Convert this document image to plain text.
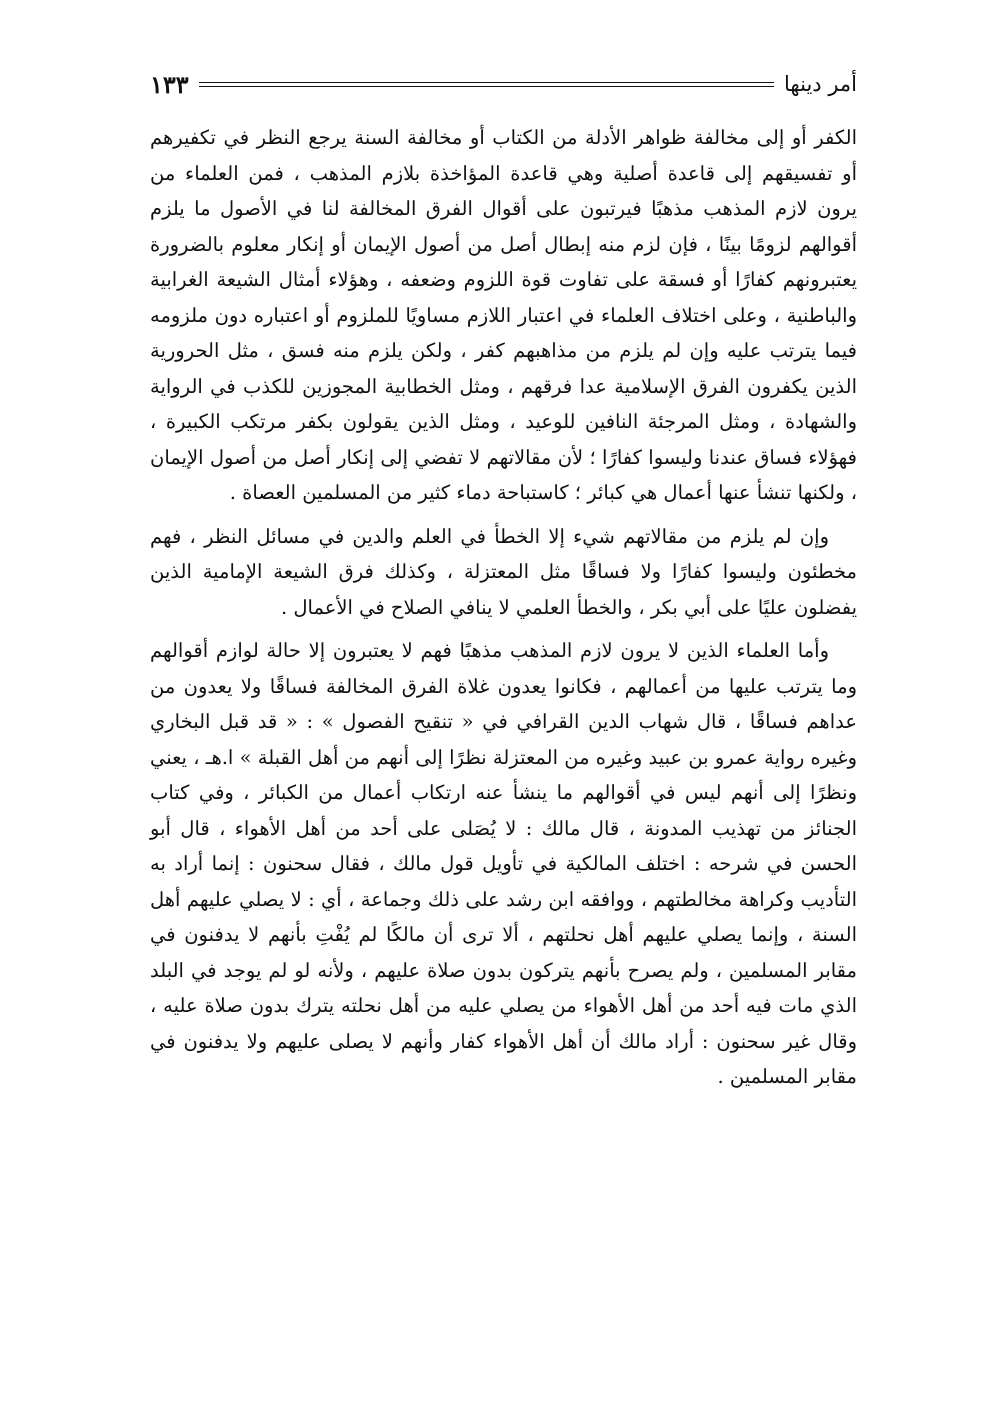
أمر دينها
١٣٣

الكفر أو إلى مخالفة ظواهر الأدلة من الكتاب أو مخالفة السنة يرجع النظر في تكفيرهم أو تفسيقهم إلى قاعدة أصلية وهي قاعدة المؤاخذة بلازم المذهب ، فمن العلماء من يرون لازم المذهب مذهبًا فيرتبون على أقوال الفرق المخالفة لنا في الأصول ما يلزم أقوالهم لزومًا بينًا ، فإن لزم منه إبطال أصل من أصول الإيمان أو إنكار معلوم بالضرورة يعتبرونهم كفارًا أو فسقة على تفاوت قوة اللزوم وضعفه ، وهؤلاء أمثال الشيعة الغرابية والباطنية ، وعلى اختلاف العلماء في اعتبار اللازم مساويًا للملزوم أو اعتباره دون ملزومه فيما يترتب عليه وإن لم يلزم من مذاهبهم كفر ، ولكن يلزم منه فسق ، مثل الحرورية الذين يكفرون الفرق الإسلامية عدا فرقهم ، ومثل الخطابية المجوزين للكذب في الرواية والشهادة ، ومثل المرجئة النافين للوعيد ، ومثل الذين يقولون بكفر مرتكب الكبيرة ، فهؤلاء فساق عندنا وليسوا كفارًا ؛ لأن مقالاتهم لا تفضي إلى إنكار أصل من أصول الإيمان ، ولكنها تنشأ عنها أعمال هي كبائر ؛ كاستباحة دماء كثير من المسلمين العصاة .

وإن لم يلزم من مقالاتهم شيء إلا الخطأ في العلم والدين في مسائل النظر ، فهم مخطئون وليسوا كفارًا ولا فساقًا مثل المعتزلة ، وكذلك فرق الشيعة الإمامية الذين يفضلون عليًا على أبي بكر ، والخطأ العلمي لا ينافي الصلاح في الأعمال .

وأما العلماء الذين لا يرون لازم المذهب مذهبًا فهم لا يعتبرون إلا حالة لوازم أقوالهم وما يترتب عليها من أعمالهم ، فكانوا يعدون غلاة الفرق المخالفة فساقًا ولا يعدون من عداهم فساقًا ، قال شهاب الدين القرافي في « تنقيح الفصول » : « قد قبل البخاري وغيره رواية عمرو بن عبيد وغيره من المعتزلة نظرًا إلى أنهم من أهل القبلة » ا.هـ ، يعني ونظرًا إلى أنهم ليس في أقوالهم ما ينشأ عنه ارتكاب أعمال من الكبائر ، وفي كتاب الجنائز من تهذيب المدونة ، قال مالك : لا يُصَلى على أحد من أهل الأهواء ، قال أبو الحسن في شرحه : اختلف المالكية في تأويل قول مالك ، فقال سحنون : إنما أراد به التأديب وكراهة مخالطتهم ، ووافقه ابن رشد على ذلك وجماعة ، أي : لا يصلي عليهم أهل السنة ، وإنما يصلي عليهم أهل نحلتهم ، ألا ترى أن مالكًا لم يُفْتِ بأنهم لا يدفنون في مقابر المسلمين ، ولم يصرح بأنهم يتركون بدون صلاة عليهم ، ولأنه لو لم يوجد في البلد الذي مات فيه أحد من أهل الأهواء من يصلي عليه من أهل نحلته يترك بدون صلاة عليه ، وقال غير سحنون : أراد مالك أن أهل الأهواء كفار وأنهم لا يصلى عليهم ولا يدفنون في مقابر المسلمين .
